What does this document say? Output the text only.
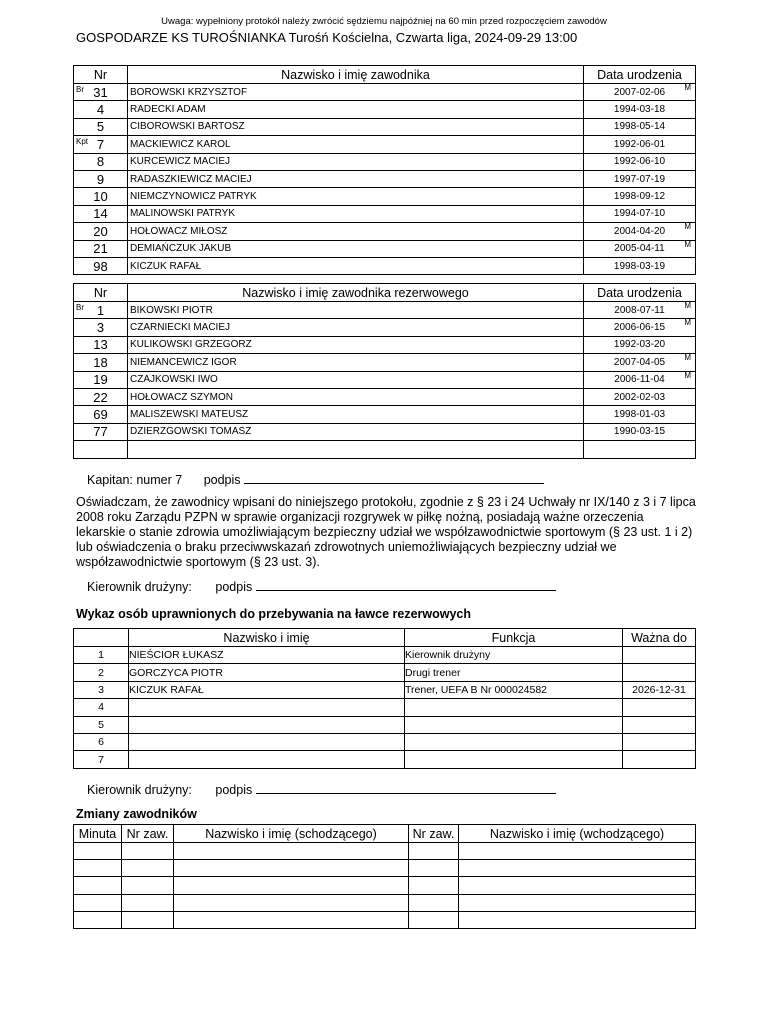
Uwaga: wypełniony protokół należy zwrócić sędziemu najpóźniej na 60 min przed rozpoczęciem zawodów
GOSPODARZE KS TUROŚNIANKA Turośń Kościelna, Czwarta liga, 2024-09-29 13:00
Nr	Nazwisko i imię zawodnika	Data urodzenia

Br 31	BOROWSKI KRZYSZTOF	2007-02-06 M

4	RADECKI ADAM	1994-03-18
5	CIBOROWSKI BARTOSZ	1998-05-14

Kpt 7	MACKIEWICZ KAROL	1992-06-01
8	KURCEWICZ MACIEJ	1992-06-10
9	RADASZKIEWICZ MACIEJ	1997-07-19
10	NIEMCZYNOWICZ PATRYK	1998-09-12
14	MALINOWSKI PATRYK	1994-07-10
20	HOŁOWACZ MIŁOSZ	2004-04-20 M

21	DEMIAŃCZUK JAKUB	2005-04-11 M

98	KICZUK RAFAŁ	1998-03-19
Nr	Nazwisko i imię zawodnika rezerwowego	Data urodzenia

Br 1	BIKOWSKI PIOTR	2008-07-11 M

3	CZARNIECKI MACIEJ	2006-06-15 M

13	KULIKOWSKI GRZEGORZ	1992-03-20
18	NIEMANCEWICZ IGOR	2007-04-05 M

19	CZAJKOWSKI IWO	2006-11-04 M

22	HOŁOWACZ SZYMON	2002-02-03
69	MALISZEWSKI MATEUSZ	1998-01-03
77	DZIERZGOWSKI TOMASZ	1990-03-15

Kapitan: numer 7 podpis
Oświadczam, że zawodnicy wpisani do niniejszego protokołu, zgodnie z § 23 i 24 Uchwały nr IX/140 z 3 i 7 lipca 2008 roku Zarządu PZPN w sprawie organizacji rozgrywek w piłkę nożną, posiadają ważne orzeczenia lekarskie o stanie zdrowia umożliwiającym bezpieczny udział we współzawodnictwie sportowym (§ 23 ust. 1 i 2) lub oświadczenia o braku przeciwwskazań zdrowotnych uniemożliwiających bezpieczny udział we współzawodnictwie sportowym (§ 23 ust. 3).
Kierownik drużyny: podpis
Wykaz osób uprawnionych do przebywania na ławce rezerwowych
	Nazwisko i imię	Funkcja	Ważna do
1	NIEŚCIOR ŁUKASZ	Kierownik drużyny	
2	GORCZYCA PIOTR	Drugi trener	
3	KICZUK RAFAŁ	Trener, UEFA B Nr 000024582	2026-12-31
4			
5			
6			
7			
Kierownik drużyny: podpis
Zmiany zawodników
Minuta	Nr zaw.	Nazwisko i imię (schodzącego)	Nr zaw.	Nazwisko i imię (wchodzącego)
